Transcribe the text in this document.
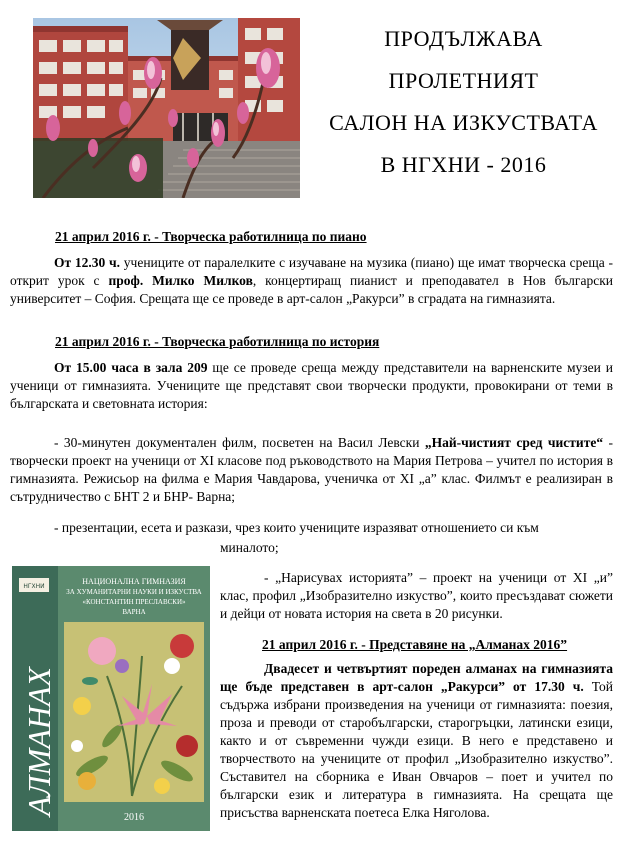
ПРОДЪЛЖАВА
ПРОЛЕТНИЯТ
САЛОН НА ИЗКУСТВАТА
В НГХНИ - 2016
21 април 2016 г. - Творческа работилница по пиано
От 12.30 ч. учениците от паралелките с изучаване на музика (пиано) ще имат творческа среща - открит урок с проф. Милко Милков, концертиращ пианист и преподавател в Нов български университет – София. Срещата ще се проведе в арт-салон „Ракурси” в сградата на гимназията.
21 април 2016 г. - Творческа работилница по история
От 15.00 часа в зала 209 ще се проведе среща между представители на варненските музеи и ученици от гимназията. Учениците ще представят свои творчески продукти, провокирани от теми в българската и световната история:
- 30-минутен документален филм, посветен на Васил Левски „Най-чистият сред чистите“ - творчески проект на ученици от XI класове под ръководството на Мария Петрова – учител по история в гимназията. Режисьор на филма е Мария Чавдарова, ученичка от XI „а” клас. Филмът е реализиран в сътрудничество с БНТ 2 и БНР- Варна;
- презентации, есета и разкази, чрез които учениците изразяват отношението си към
миналото;
- „Нарисувах историята” – проект на ученици от XI „и” клас, профил „Изобразително изкуство”, които пресъздават сюжети и дейци от новата история на света в 20 рисунки.
НГХНИ
НАЦИОНАЛНА ГИМНАЗИЯ
ЗА ХУМАНИТАРНИ НАУКИ И ИЗКУСТВА
«КОНСТАНТИН ПРЕСЛАВСКИ»
ВАРНА
АЛМАНАХ
2016
21 април 2016 г. - Представяне на „Алманах 2016”
Двадесет и четвъртият пореден алманах на гимназията ще бъде представен в арт-салон „Ракурси” от 17.30 ч. Той съдържа избрани произведения на ученици от гимназията: поезия, проза и преводи от старобългарски, старогръцки, латински езици, както и от съвременни чужди езици. В него е представено и творчеството на учениците от профил „Изобразително изкуство”. Съставител на сборника е Иван Овчаров – поет и учител по български език и литература в гимназията. На срещата ще присъства варненската поетеса Елка Няголова.
